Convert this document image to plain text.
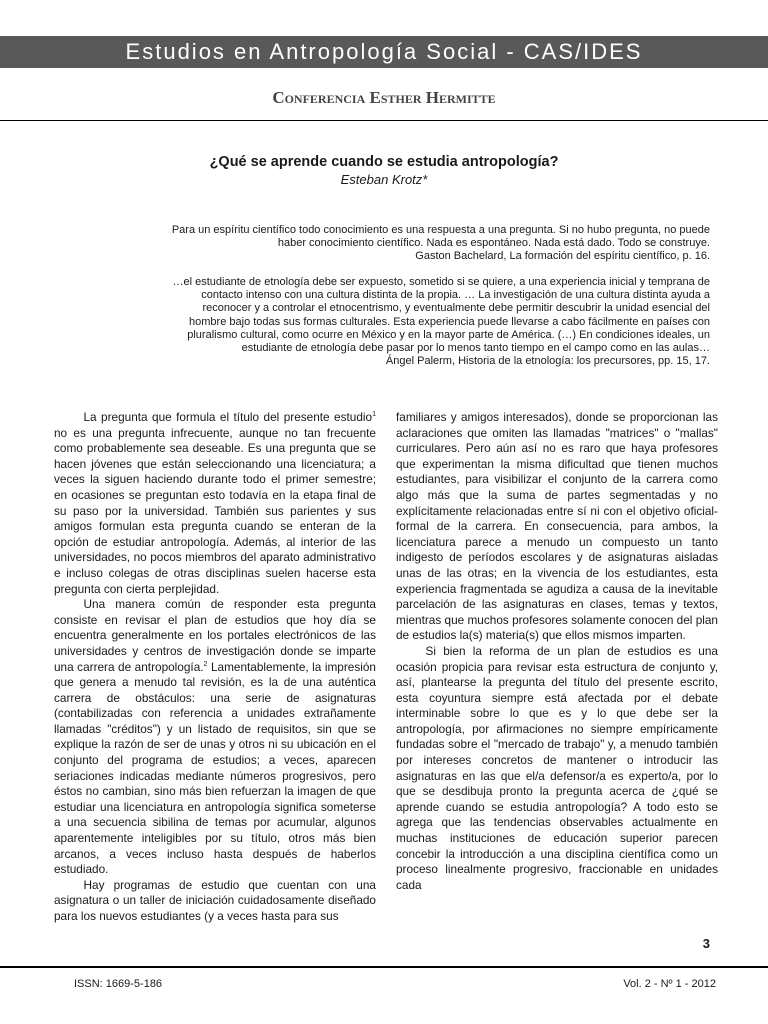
Estudios en Antropología Social - CAS/IDES
Conferencia Esther Hermitte
¿Qué se aprende cuando se estudia antropología?
Esteban Krotz*
Para un espíritu científico todo conocimiento es una respuesta a una pregunta. Si no hubo pregunta, no puede haber conocimiento científico. Nada es espontáneo. Nada está dado. Todo se construye.
Gaston Bachelard, La formación del espíritu científico, p. 16.
…el estudiante de etnología debe ser expuesto, sometido si se quiere, a una experiencia inicial y temprana de contacto intenso con una cultura distinta de la propia. … La investigación de una cultura distinta ayuda a reconocer y a controlar el etnocentrismo, y eventualmente debe permitir descubrir la unidad esencial del hombre bajo todas sus formas culturales. Esta experiencia puede llevarse a cabo fácilmente en países con pluralismo cultural, como ocurre en México y en la mayor parte de América. (…) En condiciones ideales, un estudiante de etnología debe pasar por lo menos tanto tiempo en el campo como en las aulas…
Ángel Palerm, Historia de la etnología: los precursores, pp. 15, 17.

La pregunta que formula el título del presente estudio$^1$ no es una pregunta infrecuente, aunque no tan frecuente como probablemente sea deseable. Es una pregunta que se hacen jóvenes que están seleccionando una licenciatura; a veces la siguen haciendo durante todo el primer semestre; en ocasiones se preguntan esto todavía en la etapa final de su paso por la universidad. También sus parientes y sus amigos formulan esta pregunta cuando se enteran de la opción de estudiar antropología. Además, al interior de las universidades, no pocos miembros del aparato administrativo e incluso colegas de otras disciplinas suelen hacerse esta pregunta con cierta perplejidad.

Una manera común de responder esta pregunta consiste en revisar el plan de estudios que hoy día se encuentra generalmente en los portales electrónicos de las universidades y centros de investigación donde se imparte una carrera de antropología.$^2$ Lamentablemente, la impresión que genera a menudo tal revisión, es la de una auténtica carrera de obstáculos: una serie de asignaturas (contabilizadas con referencia a unidades extrañamente llamadas "créditos") y un listado de requisitos, sin que se explique la razón de ser de unas y otros ni su ubicación en el conjunto del programa de estudios; a veces, aparecen seriaciones indicadas mediante números progresivos, pero éstos no cambian, sino más bien refuerzan la imagen de que estudiar una licenciatura en antropología significa someterse a una secuencia sibilina de temas por acumular, algunos aparentemente inteligibles por su título, otros más bien arcanos, a veces incluso hasta después de haberlos estudiado.

Hay programas de estudio que cuentan con una asignatura o un taller de iniciación cuidadosamente diseñado para los nuevos estudiantes (y a veces hasta para sus

familiares y amigos interesados), donde se proporcionan las aclaraciones que omiten las llamadas "matrices" o "mallas" curriculares. Pero aún así no es raro que haya profesores que experimentan la misma dificultad que tienen muchos estudiantes, para visibilizar el conjunto de la carrera como algo más que la suma de partes segmentadas y no explícitamente relacionadas entre sí ni con el objetivo oficial-formal de la carrera. En consecuencia, para ambos, la licenciatura parece a menudo un compuesto un tanto indigesto de períodos escolares y de asignaturas aisladas unas de las otras; en la vivencia de los estudiantes, esta experiencia fragmentada se agudiza a causa de la inevitable parcelación de las asignaturas en clases, temas y textos, mientras que muchos profesores solamente conocen del plan de estudios la(s) materia(s) que ellos mismos imparten.

Si bien la reforma de un plan de estudios es una ocasión propicia para revisar esta estructura de conjunto y, así, plantearse la pregunta del título del presente escrito, esta coyuntura siempre está afectada por el debate interminable sobre lo que es y lo que debe ser la antropología, por afirmaciones no siempre empíricamente fundadas sobre el "mercado de trabajo" y, a menudo también por intereses concretos de mantener o introducir las asignaturas en las que el/a defensor/a es experto/a, por lo que se desdibuja pronto la pregunta acerca de ¿qué se aprende cuando se estudia antropología? A todo esto se agrega que las tendencias observables actualmente en muchas instituciones de educación superior parecen concebir la introducción a una disciplina científica como un proceso linealmente progresivo, fraccionable en unidades cada

3
ISSN: 1669-5-186	Vol. 2 - Nº 1 - 2012
